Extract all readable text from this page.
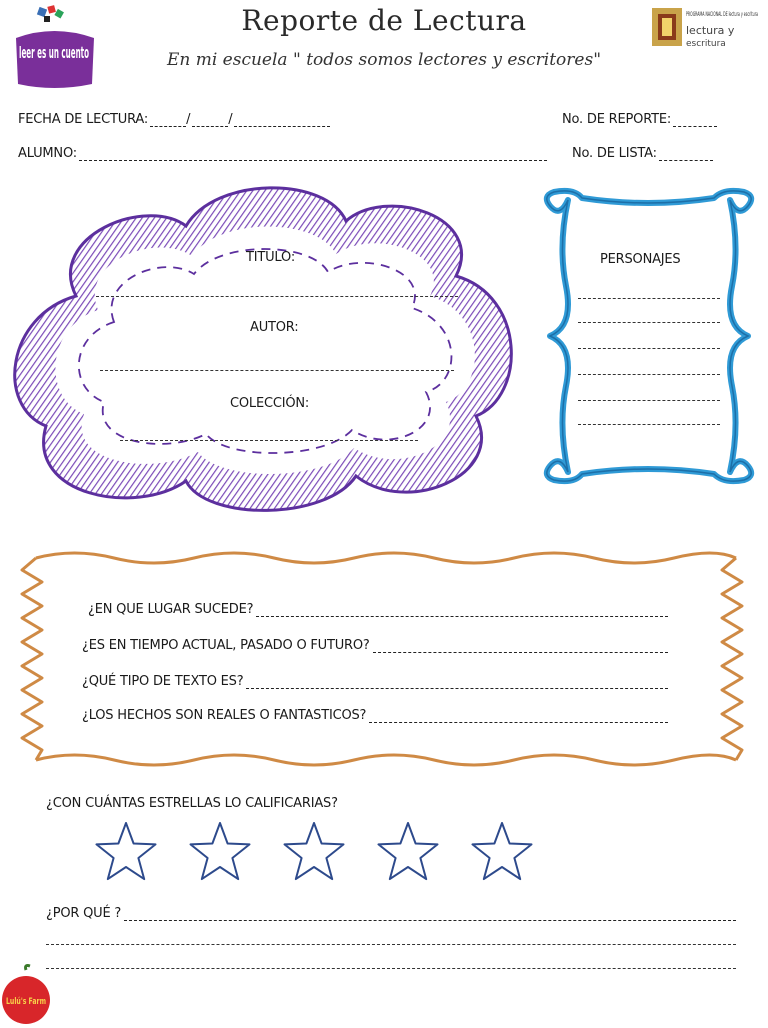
leer es un cuento
PROGRAMA NACIONAL DE lectura y escritura
lectura y
escritura
Reporte de Lectura
En mi escuela " todos somos lectores y escritores"
FECHA DE LECTURA:	/	/	No. DE REPORTE:
ALUMNO:	No. DE LISTA:
TITULO:
AUTOR:
COLECCIÓN:
PERSONAJES
¿EN QUE LUGAR SUCEDE?
¿ES EN TIEMPO ACTUAL, PASADO O FUTURO?
¿QUÉ TIPO DE TEXTO ES?
¿LOS HECHOS SON REALES O FANTASTICOS?
¿CON CUÁNTAS ESTRELLAS LO CALIFICARIAS?
¿POR QUÉ ?
Lulú's Farm
